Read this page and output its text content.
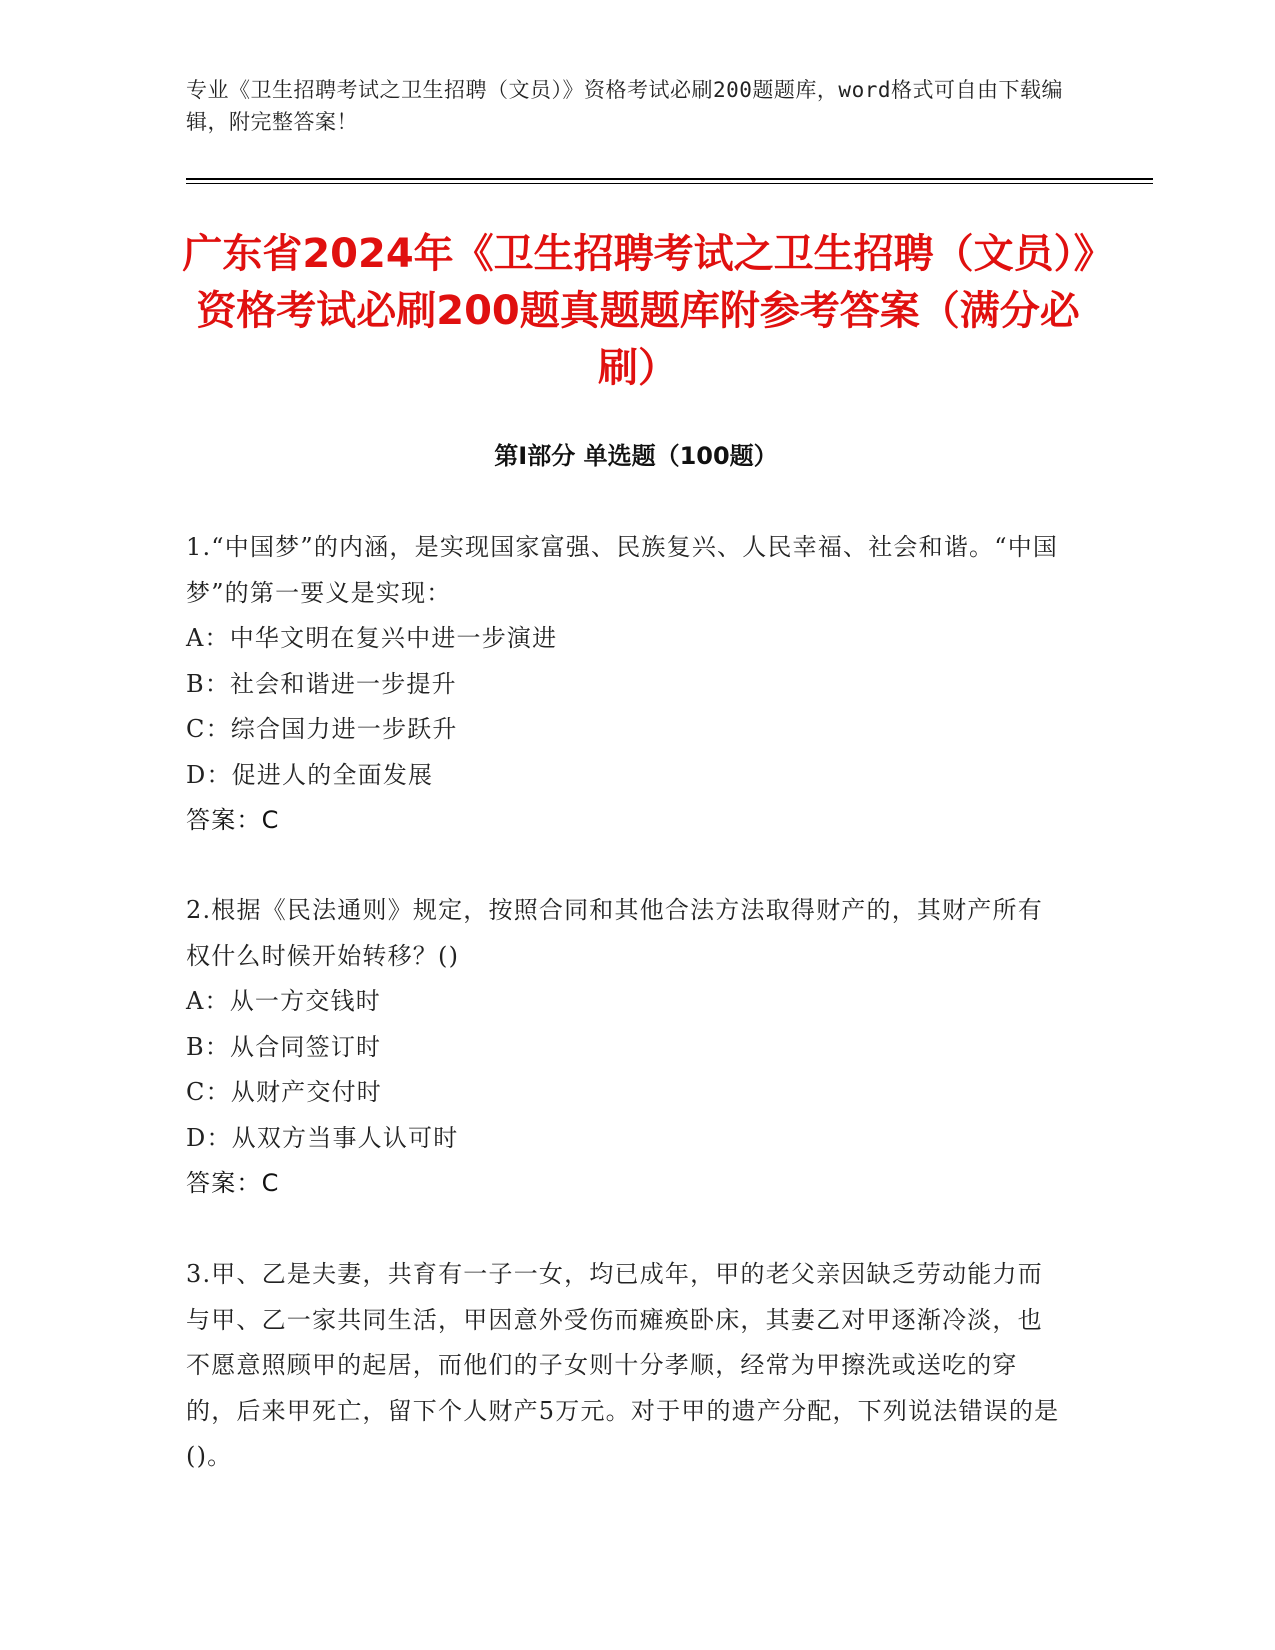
专业《卫生招聘考试之卫生招聘（文员）》资格考试必刷200题题库，word格式可自由下载编辑，附完整答案！
广东省2024年《卫生招聘考试之卫生招聘（文员）》资格考试必刷200题真题题库附参考答案（满分必刷）
第Ⅰ部分 单选题（100题）
1.“中国梦”的内涵，是实现国家富强、民族复兴、人民幸福、社会和谐。“中国梦”的第一要义是实现：
A：中华文明在复兴中进一步演进
B：社会和谐进一步提升
C：综合国力进一步跃升
D：促进人的全面发展
答案：C
2.根据《民法通则》规定，按照合同和其他合法方法取得财产的，其财产所有权什么时候开始转移？()
A：从一方交钱时
B：从合同签订时
C：从财产交付时
D：从双方当事人认可时
答案：C
3.甲、乙是夫妻，共育有一子一女，均已成年，甲的老父亲因缺乏劳动能力而与甲、乙一家共同生活，甲因意外受伤而瘫痪卧床，其妻乙对甲逐渐冷淡，也不愿意照顾甲的起居，而他们的子女则十分孝顺，经常为甲擦洗或送吃的穿的，后来甲死亡，留下个人财产5万元。对于甲的遗产分配，下列说法错误的是()。
